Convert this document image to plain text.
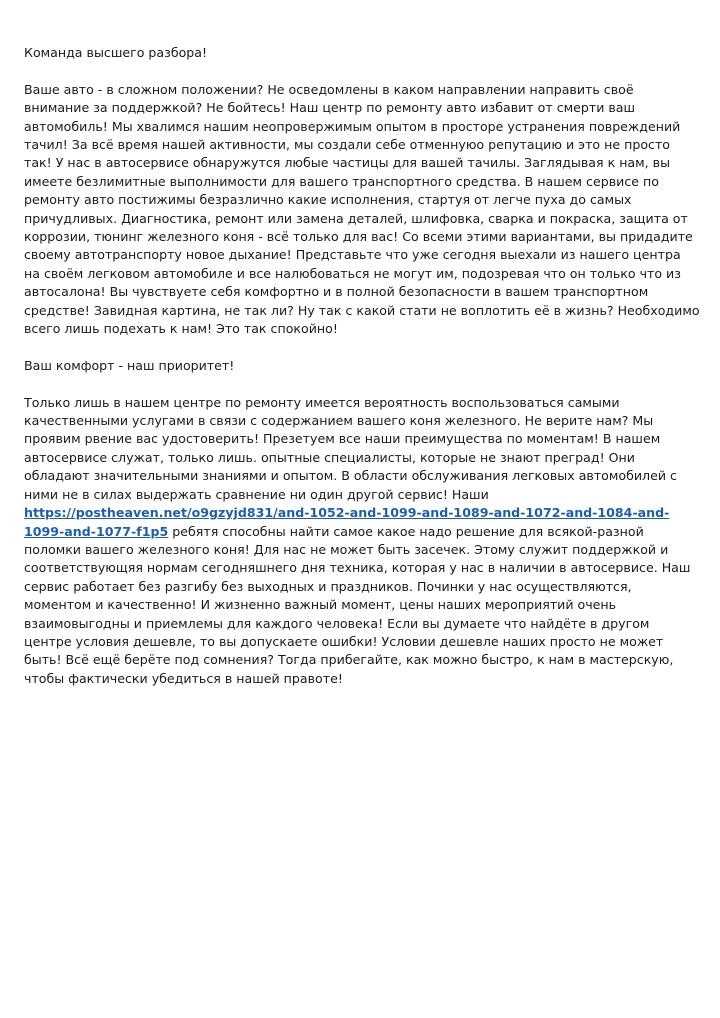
Команда высшего разбора!

Ваше авто - в сложном положении? Не осведомлены в каком направлении направить своё внимание за поддержкой? Не бойтесь! Наш центр по ремонту авто избавит от смерти ваш автомобиль! Мы хвалимся нашим неопровержимым опытом в просторе устранения повреждений тачил! За всё время нашей активности, мы создали себе отменнуюо репутацию и это не просто так! У нас в автосервисе обнаружутся любые частицы для вашей тачилы. Заглядывая к нам, вы имеете безлимитные выполнимости для вашего транспортного средства. В нашем сервисе по ремонту авто постижимы безразлично какие исполнения, стартуя от легче пуха до самых причудливых. Диагностика, ремонт или замена деталей, шлифовка, сварка и покраска, защита от коррозии, тюнинг железного коня - всё только для вас! Со всеми этими вариантами, вы придадите своему автотранспорту новое дыхание! Представьте что уже сегодня выехали из нашего центра на своём легковом автомобиле и все налюбоваться не могут им, подозревая что он только что из автосалона! Вы чувствуете себя комфортно и в полной безопасности в вашем транспортном средстве! Завидная картина, не так ли? Ну так с какой стати не воплотить её в жизнь? Необходимо всего лишь подехать к нам! Это так спокойно!

Ваш комфорт - наш приоритет!

Только лишь в нашем центре по ремонту имеется вероятность воспользоваться самыми качественными услугами в связи с содержанием вашего коня железного. Не верите нам? Мы проявим рвение вас удостоверить! Презетуем все наши преимущества по моментам! В нашем автосервисе служат, только лишь. опытные специалисты, которые не знают преград! Они обладают значительными знаниями и опытом. В области обслуживания легковых автомобилей с ними не в силах выдержать сравнение ни один другой сервис! Наши https://postheaven.net/o9gzyjd831/and-1052-and-1099-and-1089-and-1072-and-1084-and-1099-and-1077-f1p5 ребятя способны найти самое какое надо решение для всякой-разной поломки вашего железного коня! Для нас не может быть засечек. Этому служит поддержкой и соответствующяя нормам сегодняшнего дня техника, которая у нас в наличии в автосервисе. Наш сервис работает без разгибу без выходных и праздников. Починки у нас осуществляются, моментом и качественно! И жизненно важный момент, цены наших мероприятий очень взаимовыгодны и приемлемы для каждого человека! Если вы думаете что найдёте в другом центре условия дешевле, то вы допускаете ошибки! Условии дешевле наших просто не может быть! Всё ещё берёте под сомнения? Тогда прибегайте, как можно быстро, к нам в мастерскую, чтобы фактически убедиться в нашей правоте!
